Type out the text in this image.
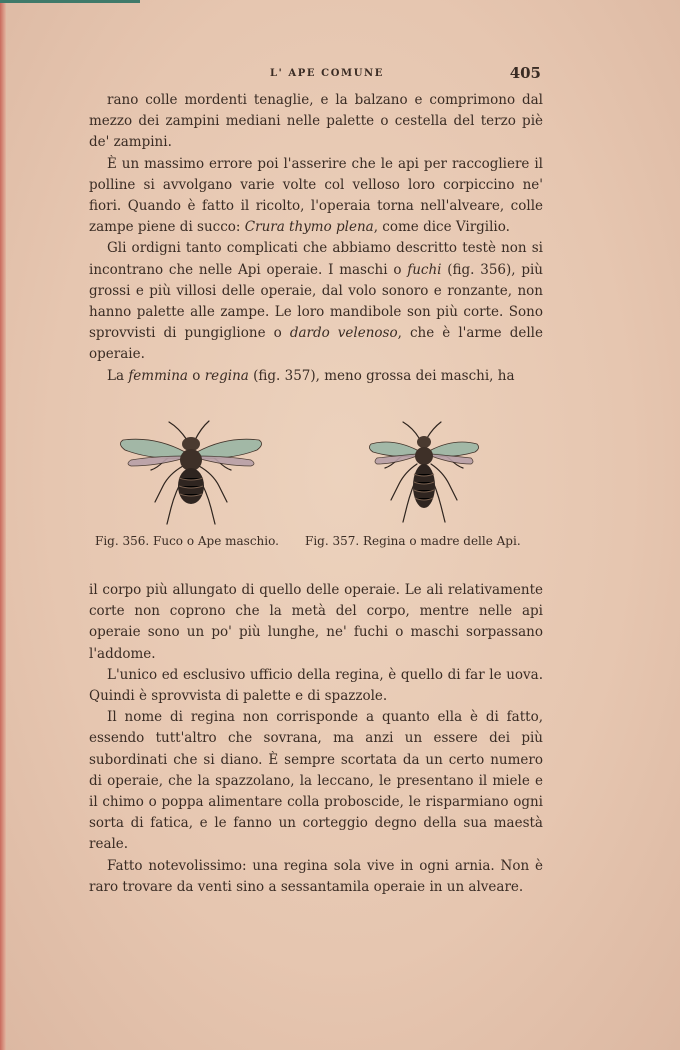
L' APE COMUNE	405

rano colle mordenti tenaglie, e la balzano e comprimono dal mezzo dei zampini mediani nelle palette o cestella del terzo piè de' zampini.

È un massimo errore poi l'asserire che le api per raccogliere il polline si avvolgano varie volte col velloso loro corpiccino ne' fiori. Quando è fatto il ricolto, l'operaia torna nell'alveare, colle zampe piene di succo: Crura thymo plena, come dice Virgilio.

Gli ordigni tanto complicati che abbiamo descritto testè non si incontrano che nelle Api operaie. I maschi o fuchi (fig. 356), più grossi e più villosi delle operaie, dal volo sonoro e ronzante, non hanno palette alle zampe. Le loro mandibole son più corte. Sono sprovvisti di pungiglione o dardo velenoso, che è l'arme delle operaie.

La femmina o regina (fig. 357), meno grossa dei maschi, ha

Fig. 356. Fuco o Ape maschio.	Fig. 357. Regina o madre delle Api.

il corpo più allungato di quello delle operaie. Le ali relativamente corte non coprono che la metà del corpo, mentre nelle api operaie sono un po' più lunghe, ne' fuchi o maschi sorpassano l'addome.

L'unico ed esclusivo ufficio della regina, è quello di far le uova. Quindi è sprovvista di palette e di spazzole.

Il nome di regina non corrisponde a quanto ella è di fatto, essendo tutt'altro che sovrana, ma anzi un essere dei più subordinati che si diano. È sempre scortata da un certo numero di operaie, che la spazzolano, la leccano, le presentano il miele e il chimo o poppa alimentare colla proboscide, le risparmiano ogni sorta di fatica, e le fanno un corteggio degno della sua maestà reale.

Fatto notevolissimo: una regina sola vive in ogni arnia. Non è raro trovare da venti sino a sessantamila operaie in un alveare.
